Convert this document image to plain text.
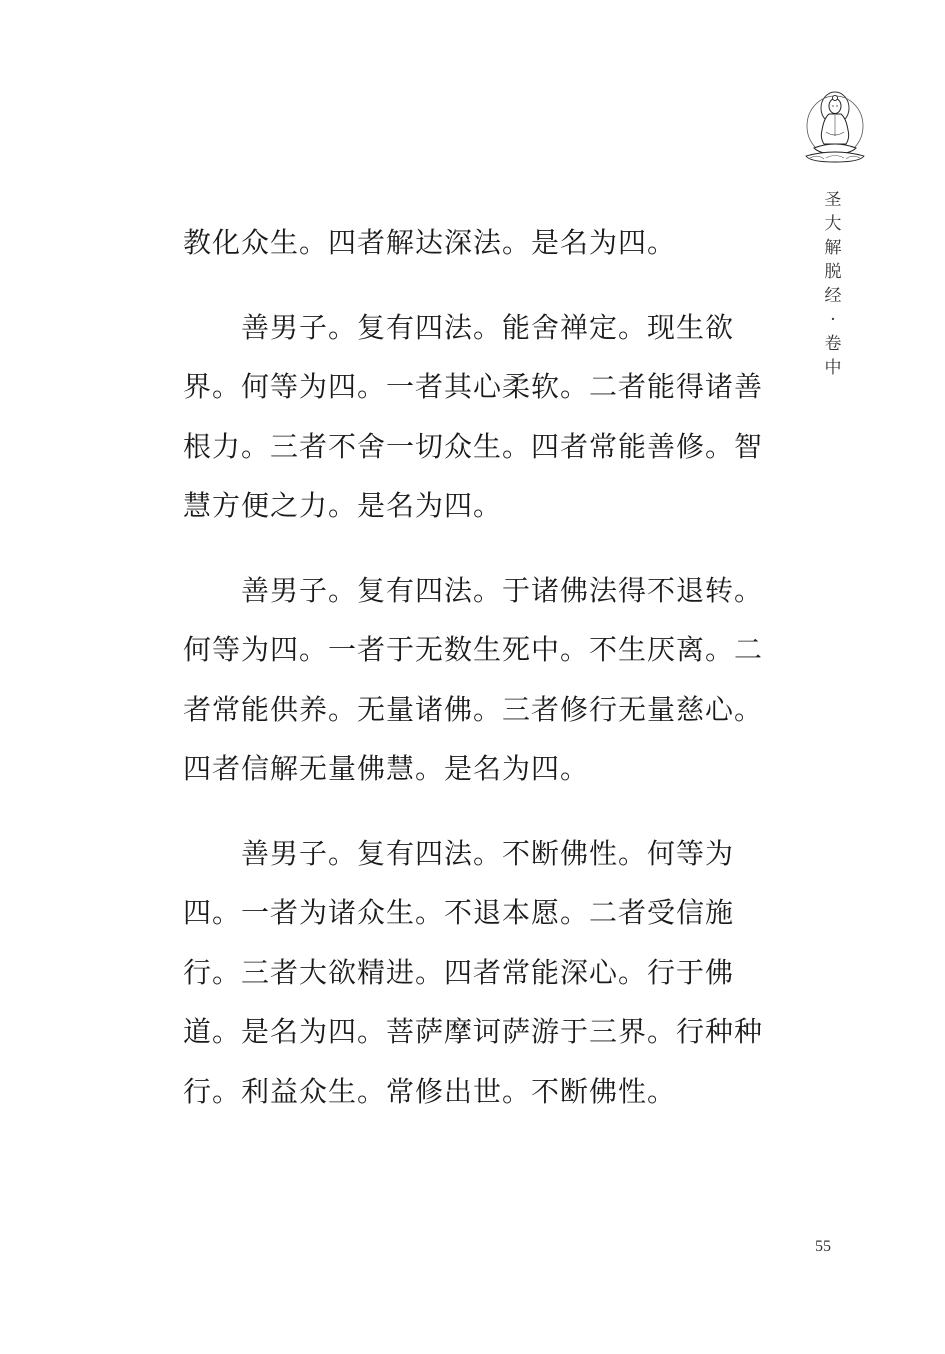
圣
大
解
脱
经
·
卷
中

教化众生。四者解达深法。是名为四。

善男子。复有四法。能舍禅定。现生欲
界。何等为四。一者其心柔软。二者能得诸善
根力。三者不舍一切众生。四者常能善修。智
慧方便之力。是名为四。

善男子。复有四法。于诸佛法得不退转。
何等为四。一者于无数生死中。不生厌离。二
者常能供养。无量诸佛。三者修行无量慈心。
四者信解无量佛慧。是名为四。

善男子。复有四法。不断佛性。何等为
四。一者为诸众生。不退本愿。二者受信施
行。三者大欲精进。四者常能深心。行于佛
道。是名为四。菩萨摩诃萨游于三界。行种种
行。利益众生。常修出世。不断佛性。

55
